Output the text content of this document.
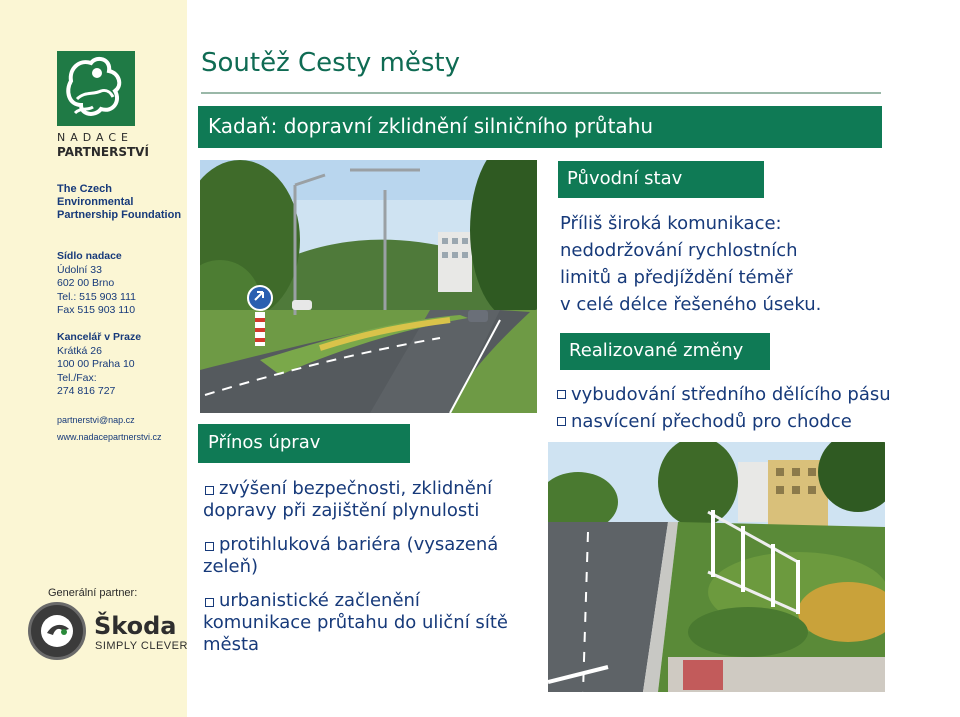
NADACE
PARTNERSTVÍ
The Czech Environmental Partnership Foundation
Sídlo nadace
Údolní 33
602 00 Brno
Tel.: 515 903 111
Fax 515 903 110
Kancelář v Praze
Krátká 26
100 00 Praha 10
Tel./Fax:
274 816 727
partnerstvi@nap.cz
www.nadacepartnerstvi.cz
Generální partner:
Škoda
SIMPLY CLEVER
Soutěž Cesty městy
Kadaň: dopravní zklidnění silničního průtahu
Původní stav
Příliš široká komunikace:
nedodržování rychlostních
limitů a předjíždění téměř
v celé délce řešeného úseku.
Realizované změny
vybudování středního dělícího pásu
nasvícení přechodů pro chodce
Přínos úprav
zvýšení bezpečnosti, zklidnění dopravy při zajištění plynulosti
protihluková bariéra (vysazená zeleň)
urbanistické začlenění komunikace průtahu do uliční sítě města
